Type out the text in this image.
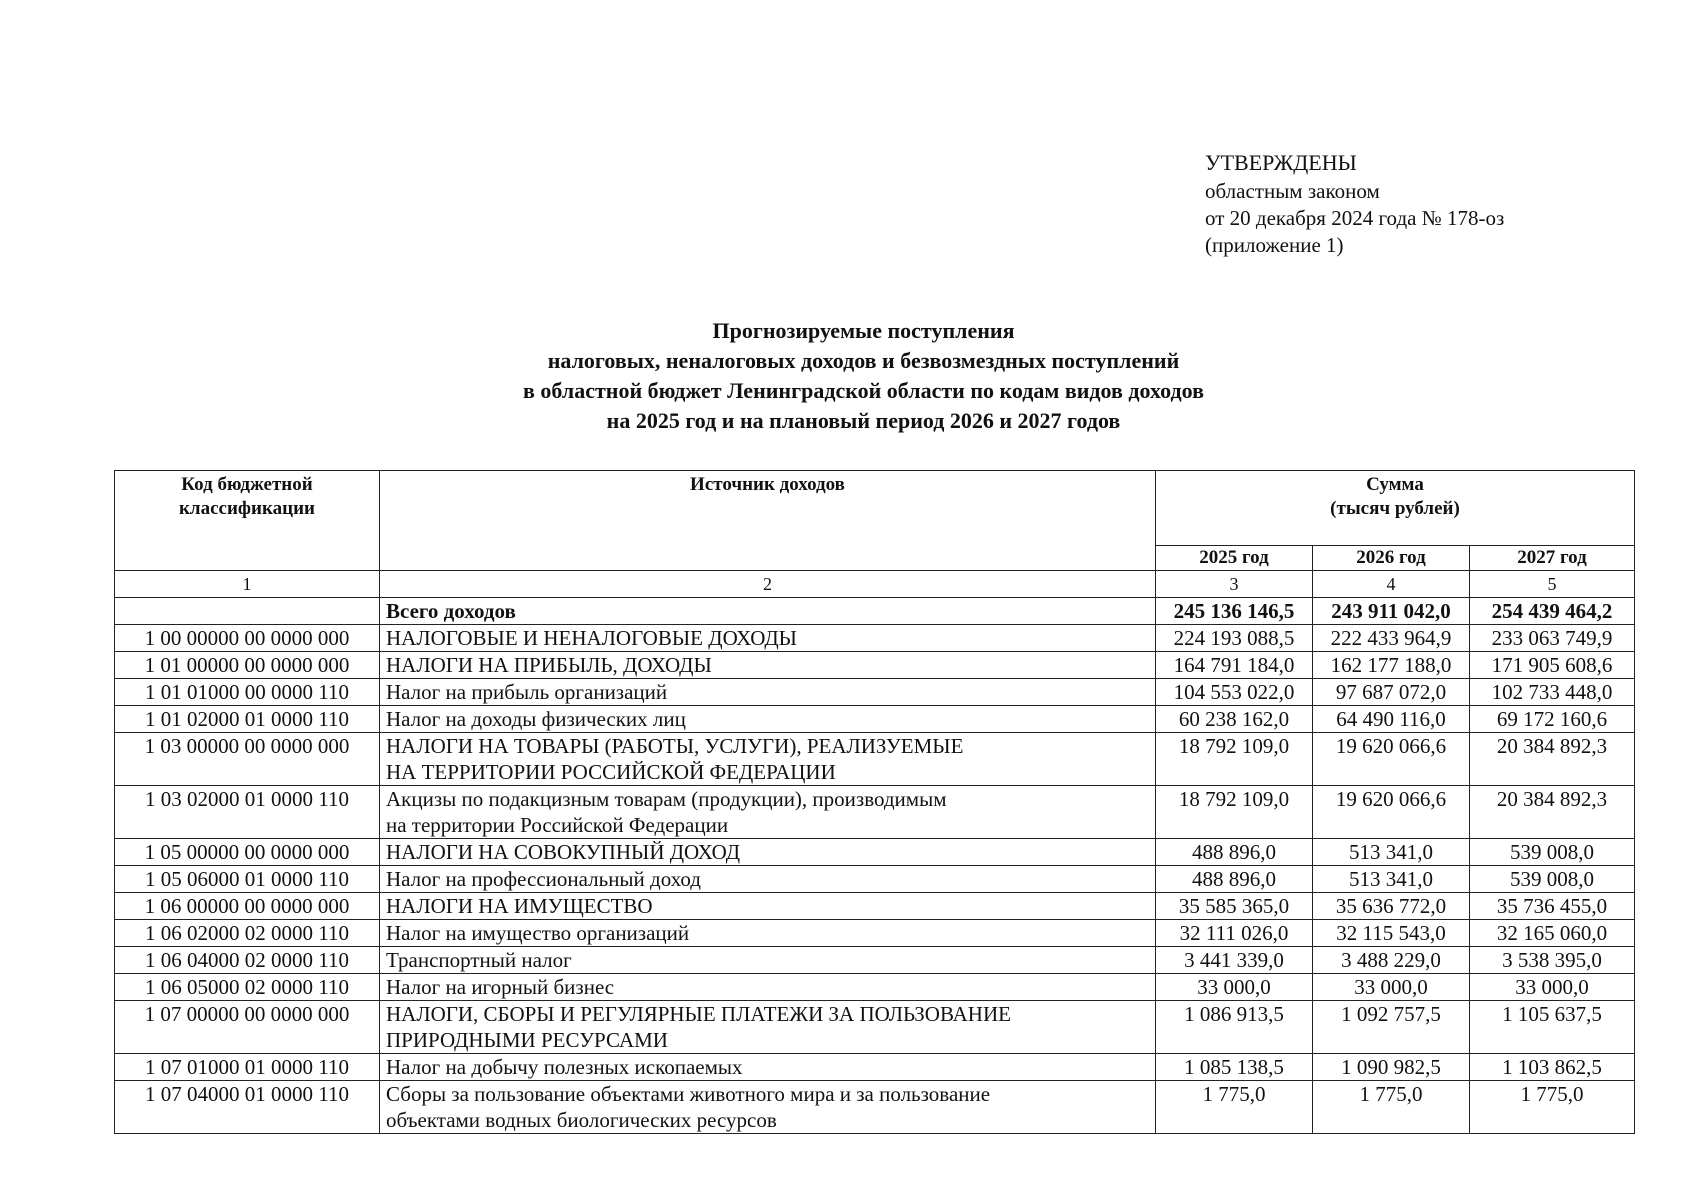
УТВЕРЖДЕНЫ
областным законом
от 20 декабря 2024 года № 178-оз
(приложение 1)
Прогнозируемые поступления
налоговых, неналоговых доходов и безвозмездных поступлений
в областной бюджет Ленинградской области по кодам видов доходов
на 2025 год и на плановый период 2026 и 2027 годов
Код бюджетной классификации	Источник доходов	Сумма
(тысяч рублей)		

		2025 год	2026 год	2027 год
1	2	3	4	5
	Всего доходов	245 136 146,5	243 911 042,0	254 439 464,2
1 00 00000 00 0000 000	НАЛОГОВЫЕ И НЕНАЛОГОВЫЕ ДОХОДЫ	224 193 088,5	222 433 964,9	233 063 749,9
1 01 00000 00 0000 000	НАЛОГИ НА ПРИБЫЛЬ, ДОХОДЫ	164 791 184,0	162 177 188,0	171 905 608,6
1 01 01000 00 0000 110	Налог на прибыль организаций	104 553 022,0	97 687 072,0	102 733 448,0
1 01 02000 01 0000 110	Налог на доходы физических лиц	60 238 162,0	64 490 116,0	69 172 160,6
1 03 00000 00 0000 000	НАЛОГИ НА ТОВАРЫ (РАБОТЫ, УСЛУГИ), РЕАЛИЗУЕМЫЕ
НА ТЕРРИТОРИИ РОССИЙСКОЙ ФЕДЕРАЦИИ	18 792 109,0	19 620 066,6	20 384 892,3
1 03 02000 01 0000 110	Акцизы по подакцизным товарам (продукции), производимым
на территории Российской Федерации	18 792 109,0	19 620 066,6	20 384 892,3
1 05 00000 00 0000 000	НАЛОГИ НА СОВОКУПНЫЙ ДОХОД	488 896,0	513 341,0	539 008,0
1 05 06000 01 0000 110	Налог на профессиональный доход	488 896,0	513 341,0	539 008,0
1 06 00000 00 0000 000	НАЛОГИ НА ИМУЩЕСТВО	35 585 365,0	35 636 772,0	35 736 455,0
1 06 02000 02 0000 110	Налог на имущество организаций	32 111 026,0	32 115 543,0	32 165 060,0
1 06 04000 02 0000 110	Транспортный налог	3 441 339,0	3 488 229,0	3 538 395,0
1 06 05000 02 0000 110	Налог на игорный бизнес	33 000,0	33 000,0	33 000,0
1 07 00000 00 0000 000	НАЛОГИ, СБОРЫ И РЕГУЛЯРНЫЕ ПЛАТЕЖИ ЗА ПОЛЬЗОВАНИЕ
ПРИРОДНЫМИ РЕСУРСАМИ	1 086 913,5	1 092 757,5	1 105 637,5
1 07 01000 01 0000 110	Налог на добычу полезных ископаемых	1 085 138,5	1 090 982,5	1 103 862,5
1 07 04000 01 0000 110	Сборы за пользование объектами животного мира и за пользование
объектами водных биологических ресурсов	1 775,0	1 775,0	1 775,0
